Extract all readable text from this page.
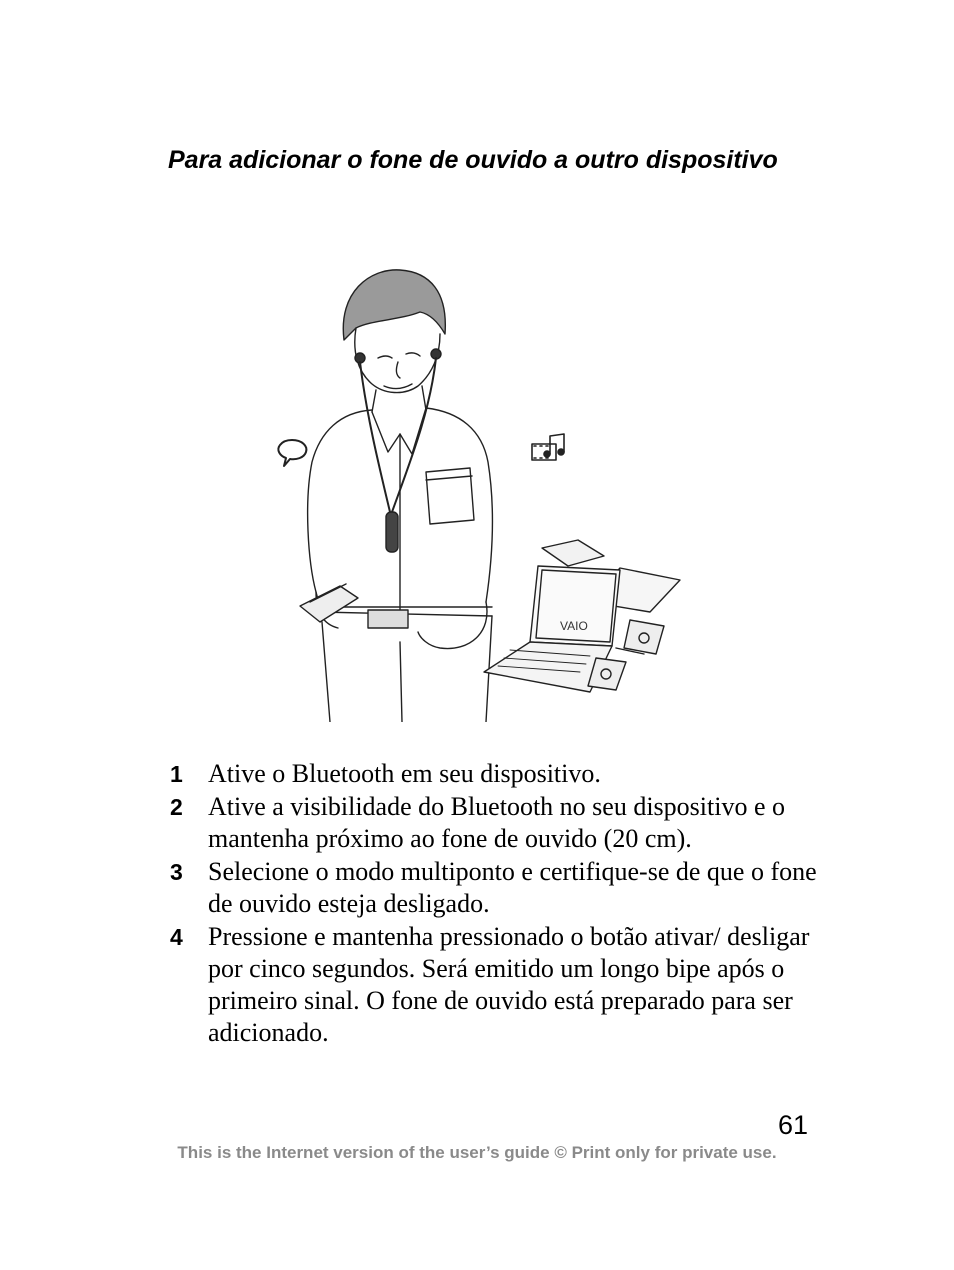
Para adicionar o fone de ouvido a outro dispositivo
VAIO
1 Ative o Bluetooth em seu dispositivo.
2 Ative a visibilidade do Bluetooth no seu dispositivo e o mantenha próximo ao fone de ouvido (20 cm).
3 Selecione o modo multiponto e certifique-se de que o fone de ouvido esteja desligado.
4 Pressione e mantenha pressionado o botão ativar/ desligar por cinco segundos. Será emitido um longo bipe após o primeiro sinal. O fone de ouvido está preparado para ser adicionado.
61
This is the Internet version of the user’s guide © Print only for private use.
